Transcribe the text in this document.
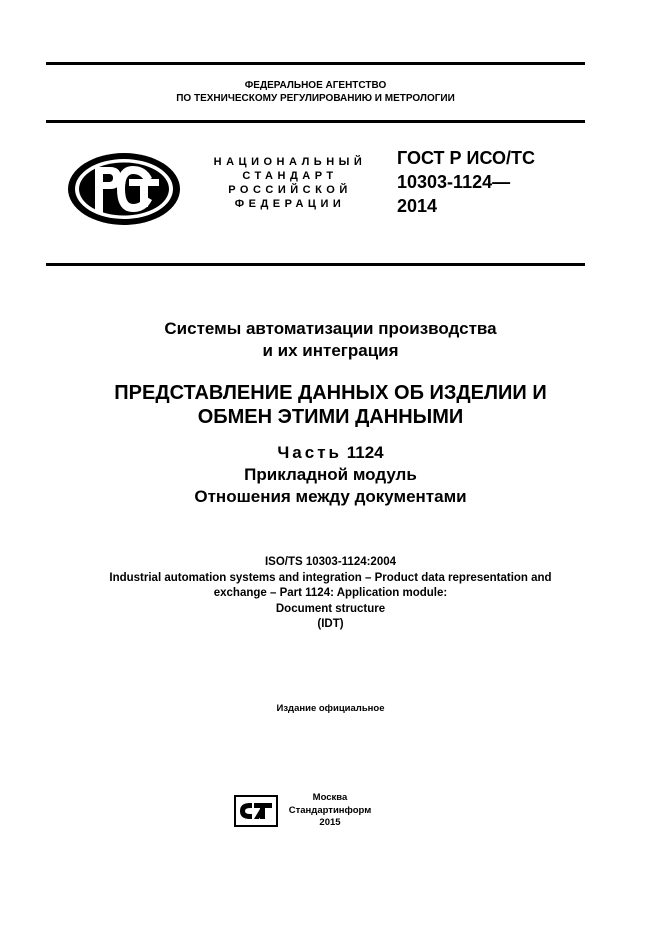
ФЕДЕРАЛЬНОЕ АГЕНТСТВО
ПО ТЕХНИЧЕСКОМУ РЕГУЛИРОВАНИЮ И МЕТРОЛОГИИ
НАЦИОНАЛЬНЫЙ
СТАНДАРТ
РОССИЙСКОЙ
ФЕДЕРАЦИИ
ГОСТ Р ИСО/ТС
10303-1124—
2014
Системы автоматизации производства
и их интеграция
ПРЕДСТАВЛЕНИЕ ДАННЫХ ОБ ИЗДЕЛИИ И
ОБМЕН ЭТИМИ ДАННЫМИ
Часть 1124
Прикладной модуль
Отношения между документами
ISO/TS 10303-1124:2004
Industrial automation systems and integration – Product data representation and
exchange – Part 1124: Application module:
Document structure
(IDT)
Издание официальное
Москва
Стандартинформ
2015
